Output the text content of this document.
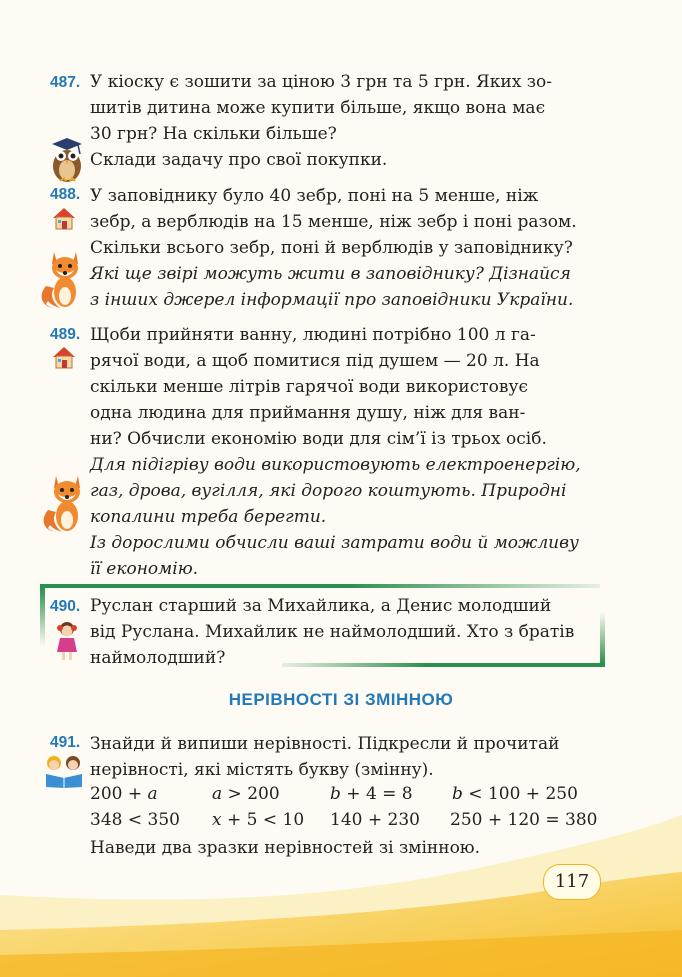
487. У кіоску є зошити за ціною 3 грн та 5 грн. Яких зо-
шитів дитина може купити більше, якщо вона має
30 грн? На скільки більше?
Склади задачу про свої покупки.
488. У заповіднику було 40 зебр, поні на 5 менше, ніж
зебр, а верблюдів на 15 менше, ніж зебр і поні разом.
Скільки всього зебр, поні й верблюдів у заповіднику?
Які ще звірі можуть жити в заповіднику? Дізнайся
з інших джерел інформації про заповідники України.
489. Щоби прийняти ванну, людині потрібно 100 л га-
рячої води, а щоб помитися під душем — 20 л. На
скільки менше літрів гарячої води використовує
одна людина для приймання душу, ніж для ван-
ни? Обчисли економію води для сім’ї із трьох осіб.
Для підігріву води використовують електроенергію,
газ, дрова, вугілля, які дорого коштують. Природні
копалини треба берегти.
Із дорослими обчисли ваші затрати води й можливу
її економію.
490. Руслан старший за Михайлика, а Денис молодший
від Руслана. Михайлик не наймолодший. Хто з братів
наймолодший?
НЕРІВНОСТІ ЗІ ЗМІННОЮ
491. Знайди й випиши нерівності. Підкресли й прочитай
нерівності, які містять букву (змінну).
200 + a	a > 200	b + 4 = 8 b < 100 + 250
348 < 350 x + 5 < 10 140 + 230 250 + 120 = 380
Наведи два зразки нерівностей зі змінною.
117
